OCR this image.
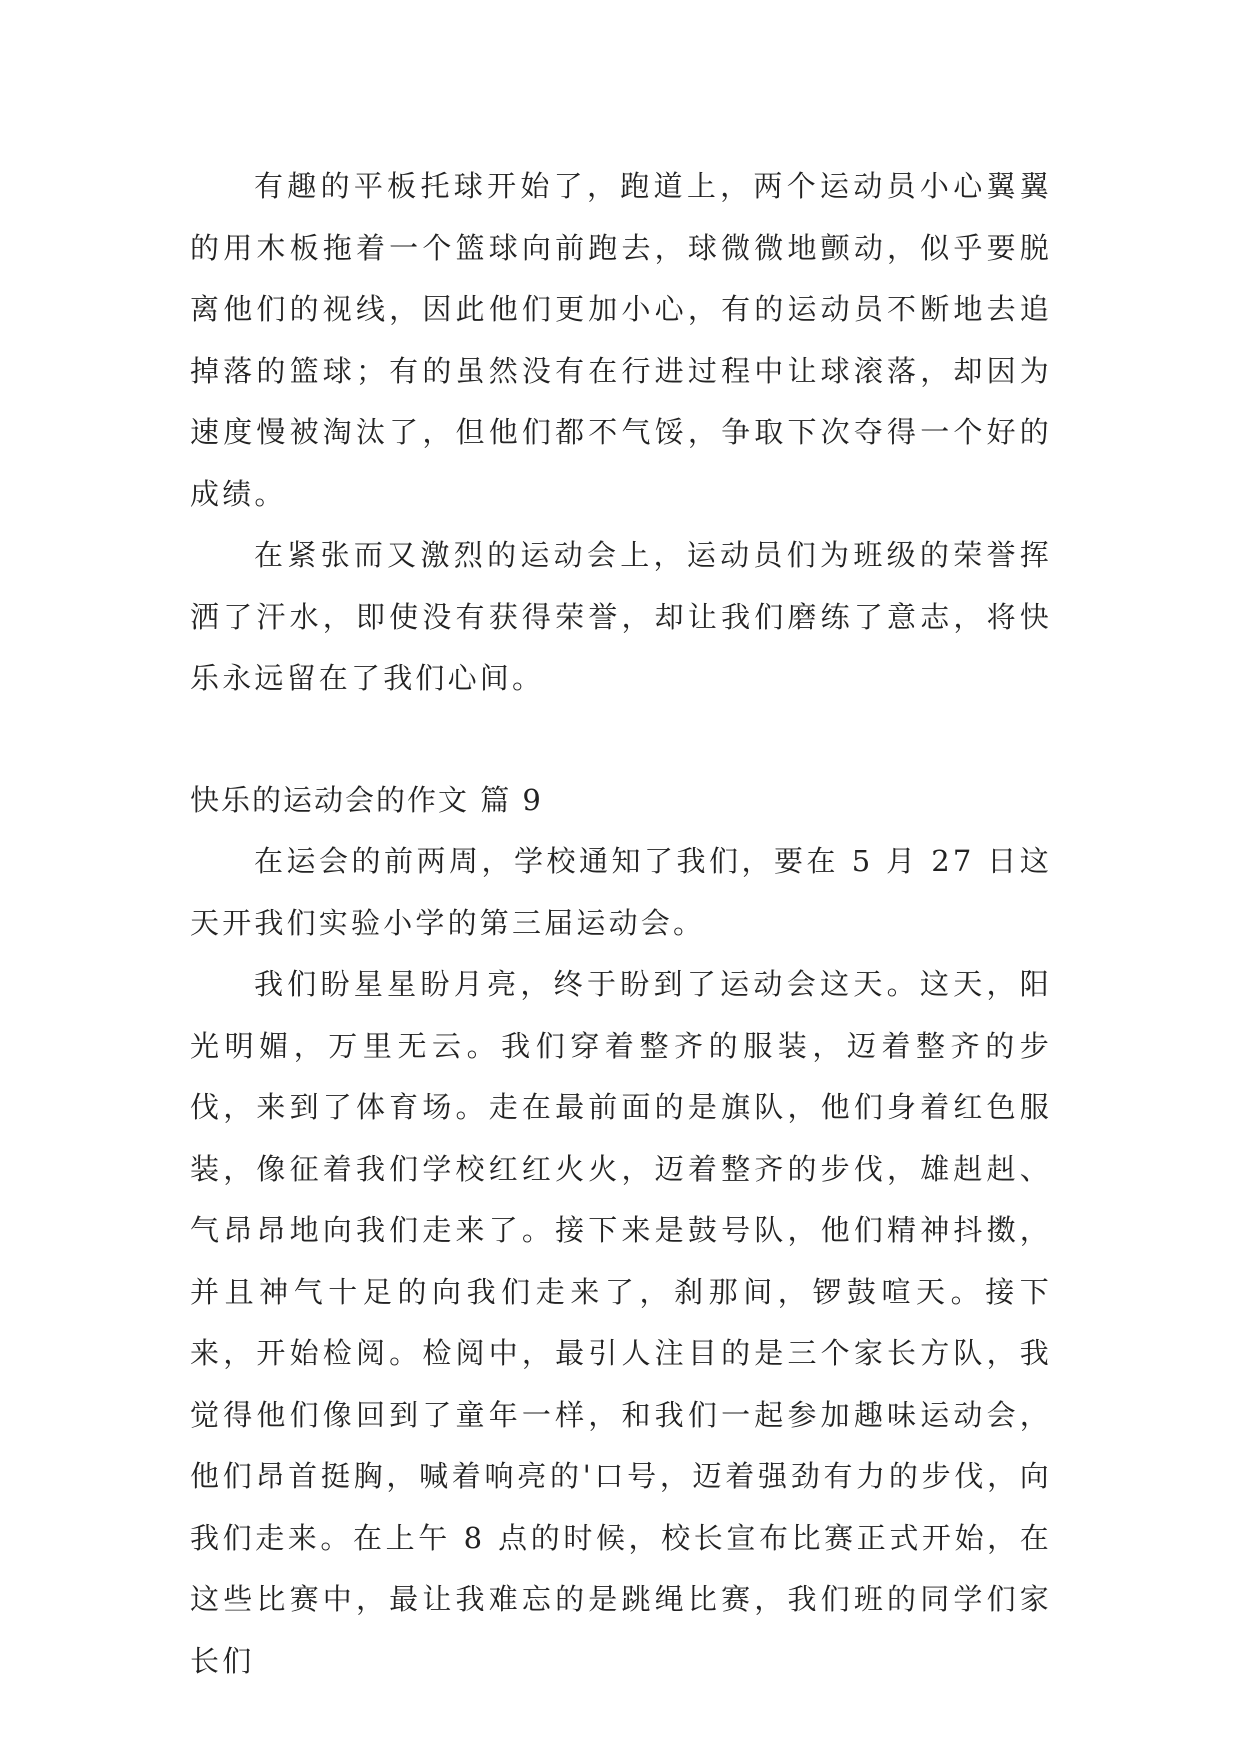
有趣的平板托球开始了，跑道上，两个运动员小心翼翼的用木板拖着一个篮球向前跑去，球微微地颤动，似乎要脱离他们的视线，因此他们更加小心，有的运动员不断地去追掉落的篮球；有的虽然没有在行进过程中让球滚落，却因为速度慢被淘汰了，但他们都不气馁，争取下次夺得一个好的成绩。

在紧张而又激烈的运动会上，运动员们为班级的荣誉挥洒了汗水，即使没有获得荣誉，却让我们磨练了意志，将快乐永远留在了我们心间。

快乐的运动会的作文 篇 9

在运会的前两周，学校通知了我们，要在 5 月 27 日这天开我们实验小学的第三届运动会。

我们盼星星盼月亮，终于盼到了运动会这天。这天，阳光明媚，万里无云。我们穿着整齐的服装，迈着整齐的步伐，来到了体育场。走在最前面的是旗队，他们身着红色服装，像征着我们学校红红火火，迈着整齐的步伐，雄赳赳、气昂昂地向我们走来了。接下来是鼓号队，他们精神抖擞，并且神气十足的向我们走来了，刹那间，锣鼓喧天。接下来，开始检阅。检阅中，最引人注目的是三个家长方队，我觉得他们像回到了童年一样，和我们一起参加趣味运动会，他们昂首挺胸，喊着响亮的'口号，迈着强劲有力的步伐，向我们走来。在上午 8 点的时候，校长宣布比赛正式开始，在这些比赛中，最让我难忘的是跳绳比赛，我们班的同学们家长们
